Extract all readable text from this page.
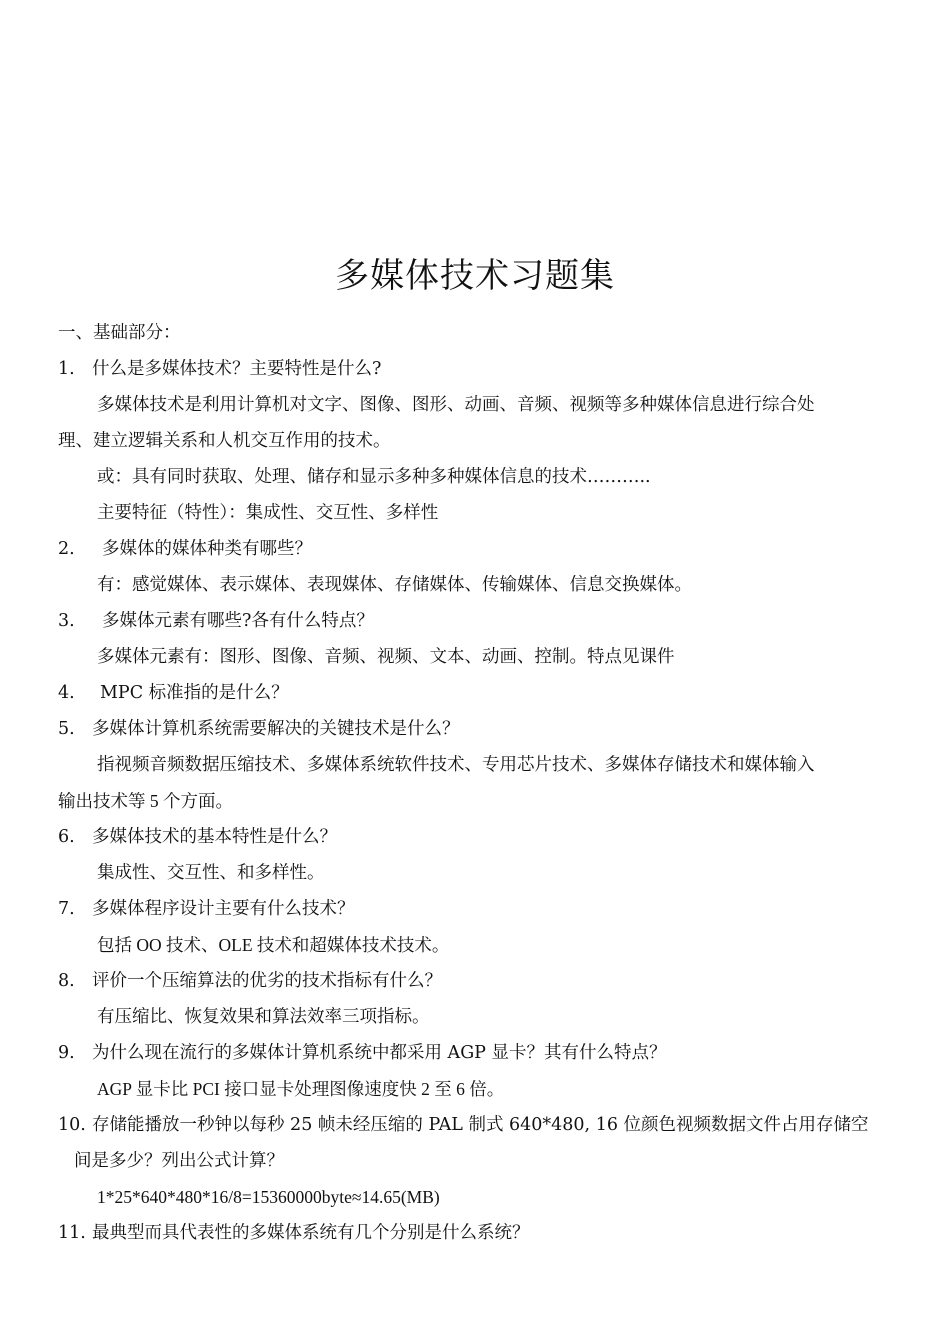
多媒体技术习题集
一、基础部分：
1. 什么是多媒体技术？主要特性是什么?
多媒体技术是利用计算机对文字、图像、图形、动画、音频、视频等多种媒体信息进行综合处
理、建立逻辑关系和人机交互作用的技术。
或：具有同时获取、处理、储存和显示多种多种媒体信息的技术………..
主要特征（特性）：集成性、交互性、多样性
2. 多媒体的媒体种类有哪些？
有：感觉媒体、表示媒体、表现媒体、存储媒体、传输媒体、信息交换媒体。
3. 多媒体元素有哪些?各有什么特点？
多媒体元素有：图形、图像、音频、视频、文本、动画、控制。特点见课件
4. MPC 标准指的是什么？
5. 多媒体计算机系统需要解决的关键技术是什么？
指视频音频数据压缩技术、多媒体系统软件技术、专用芯片技术、多媒体存储技术和媒体输入
输出技术等 5 个方面。
6. 多媒体技术的基本特性是什么？
集成性、交互性、和多样性。
7. 多媒体程序设计主要有什么技术？
包括 OO 技术、OLE 技术和超媒体技术技术。
8. 评价一个压缩算法的优劣的技术指标有什么？
有压缩比、恢复效果和算法效率三项指标。
9. 为什么现在流行的多媒体计算机系统中都采用 AGP 显卡？其有什么特点？
AGP 显卡比 PCI 接口显卡处理图像速度快 2 至 6 倍。
10. 存储能播放一秒钟以每秒 25 帧未经压缩的 PAL 制式 640*480, 16 位颜色视频数据文件占用存储空
间是多少？列出公式计算？
1*25*640*480*16/8=15360000byte≈14.65(MB)
11. 最典型而具代表性的多媒体系统有几个分别是什么系统？
